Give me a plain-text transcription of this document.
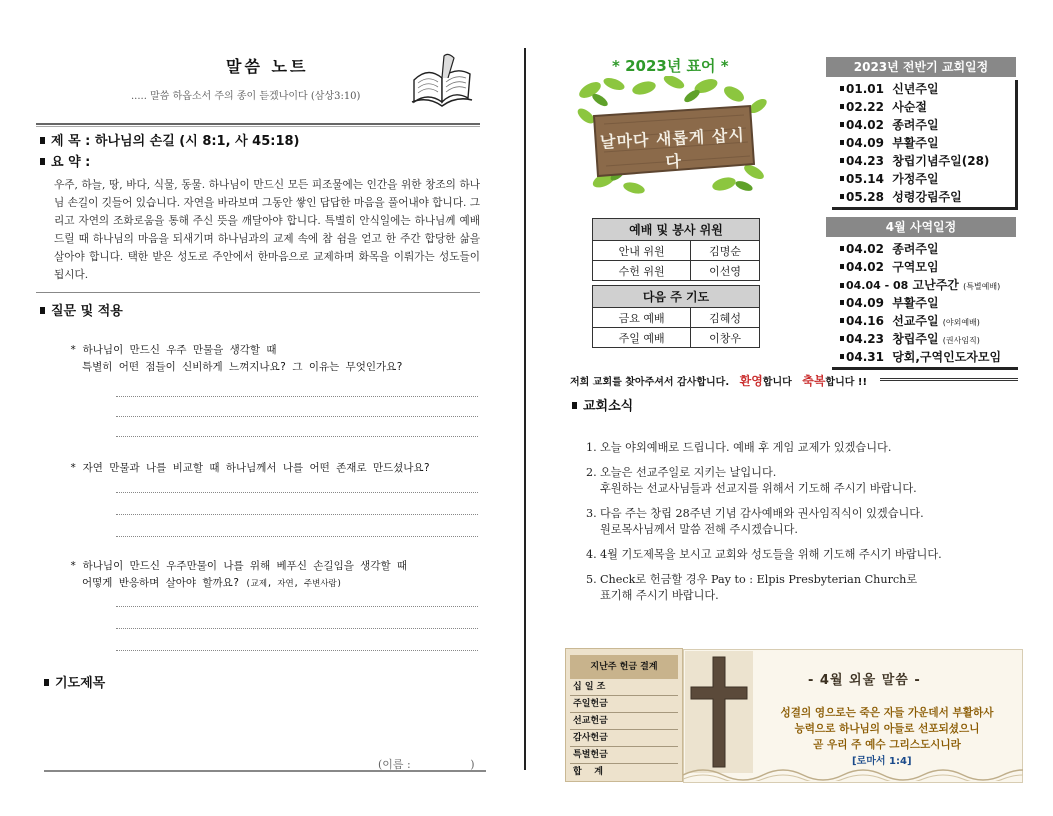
말씀 노트
..... 말씀 하옵소서 주의 종이 듣겠나이다 (삼상3:10)
제 목 : 하나님의 손길 (시 8:1, 사 45:18)
요 약 :
우주, 하늘, 땅, 바다, 식물, 동물. 하나님이 만드신 모든 피조물에는 인간을 위한 창조의 하나님 손길이 깃들어 있습니다. 자연을 바라보며 그동안 쌓인 답답한 마음을 풀어내야 합니다. 그리고 자연의 조화로움을 통해 주신 뜻을 깨달아야 합니다. 특별히 안식일에는 하나님께 예배드릴 때 하나님의 마음을 되새기며 하나님과의 교제 속에 참 쉼을 얻고 한 주간 합당한 삶을 살아야 합니다. 택한 받은 성도로 주안에서 한마음으로 교제하며 화목을 이뤄가는 성도들이 됩시다.
질문 및 적용
* 하나님이 만드신 우주 만물을 생각할 때
특별히 어떤 점들이 신비하게 느껴지나요? 그 이유는 무엇인가요?
* 자연 만물과 나를 비교할 때 하나님께서 나를 어떤 존재로 만드셨나요?
* 하나님이 만드신 우주만물이 나를 위해 베푸신 손길임을 생각할 때
어떻게 반응하며 살아야 할까요? (교제, 자연, 주변사람)
기도제목
(이름 :                 )
* 2023년 표어 *
날마다 새롭게 삽시다
예배 및 봉사 위원	
안내 위원	김명순
수헌 위원	이선영
다음 주 기도	
금요 예배	김혜성
주일 예배	이창우
저희 교회를 찾아주셔서 감사합니다. 환영합니다 축복합니다 !!
교회소식
1. 오늘 야외예배로 드립니다. 예배 후 게임 교제가 있겠습니다.
2. 오늘은 선교주일로 지키는 날입니다.
후원하는 선교사님들과 선교지를 위해서 기도해 주시기 바랍니다.
3. 다음 주는 창립 28주년 기념 감사예배와 권사임직식이 있겠습니다.
원로목사님께서 말씀 전해 주시겠습니다.
4. 4월 기도제목을 보시고 교회와 성도들을 위해 기도해 주시기 바랍니다.
5. Check로 헌금할 경우 Pay to : Elpis Presbyterian Church로
표기해 주시기 바랍니다.
2023년 전반기 교회일정
01.01 신년주일
02.22 사순절
04.02 종려주일
04.09 부활주일
04.23 창립기념주일(28)
05.14 가정주일
05.28 성령강림주일
4월 사역일정
04.02 종려주일
04.02 구역모임
04.04 - 08 고난주간 (특별예배)
04.09 부활주일
04.16 선교주일 (야외예배)
04.23 창립주일 (권사임직)
04.31 당회,구역인도자모임
지난주 헌금 결계
십 일 조
주일헌금
선교헌금
감사헌금
특별헌금
합    계
- 4월 외울 말씀 -
성결의 영으로는 죽은 자들 가운데서 부활하사
능력으로 하나님의 아들로 선포되셨으니
곧 우리 주 예수 그리스도시니라
[로마서 1:4]
